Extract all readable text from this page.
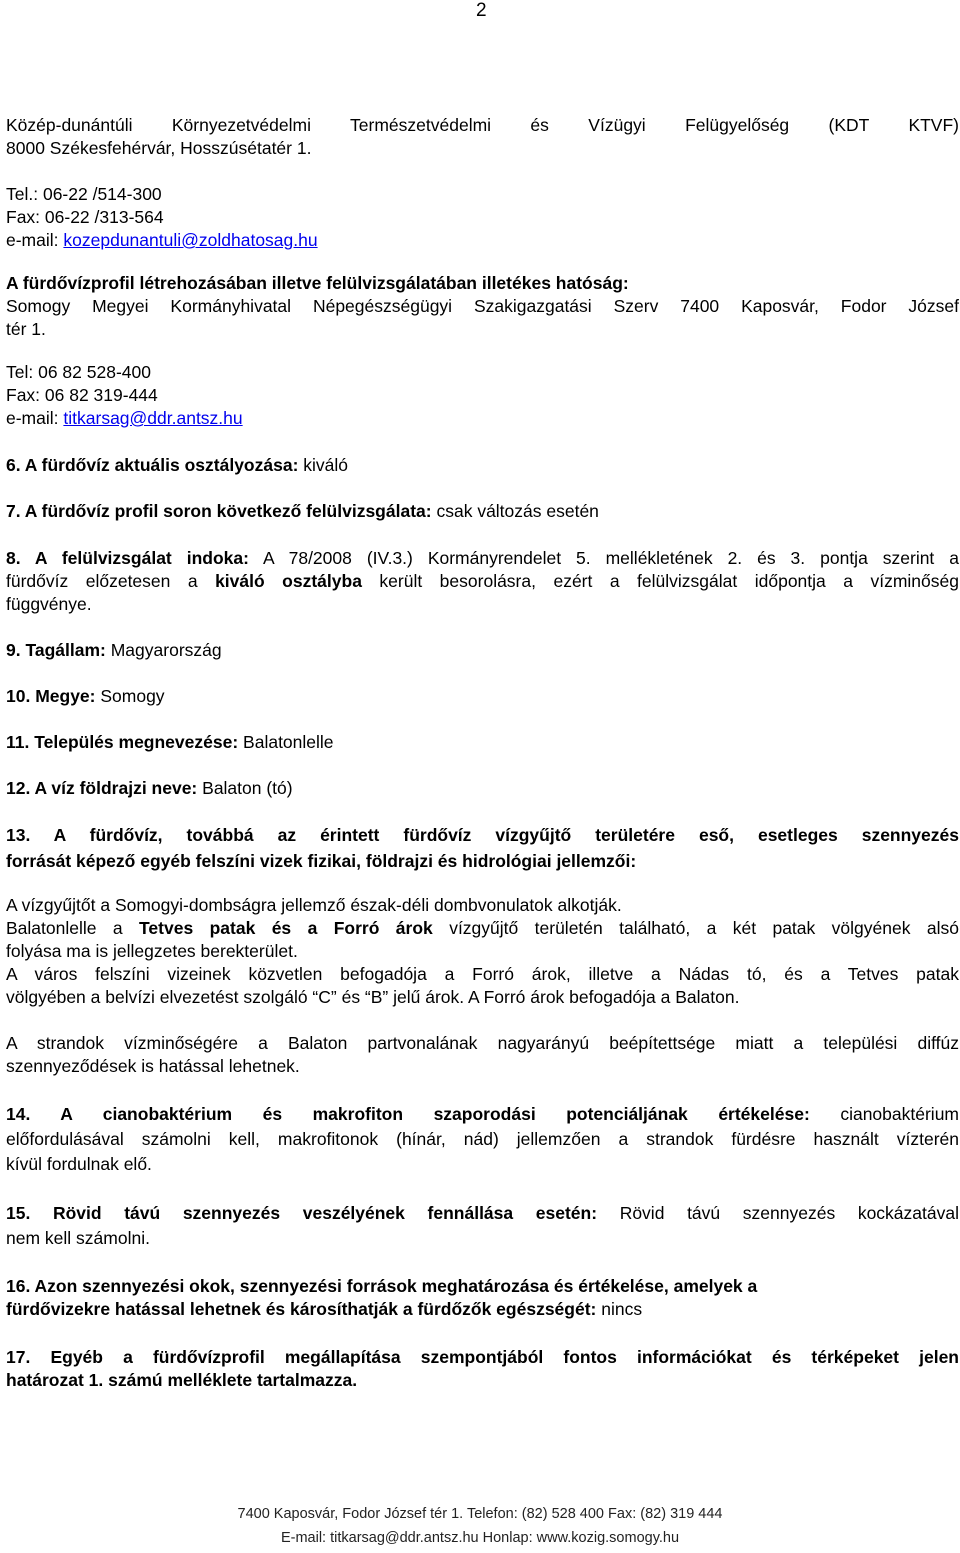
2

Közép-dunántúli Környezetvédelmi Természetvédelmi és Vízügyi Felügyelőség (KDT KTVF)

8000 Székesfehérvár, Hosszúsétatér 1.

Tel.: 06-22 /514-300

Fax: 06-22 /313-564

e-mail: kozepdunantuli@zoldhatosag.hu

A fürdővízprofil létrehozásában illetve felülvizsgálatában illetékes hatóság:

Somogy Megyei Kormányhivatal Népegészségügyi Szakigazgatási Szerv 7400 Kaposvár, Fodor József

tér 1.

Tel: 06 82 528-400

Fax: 06 82 319-444

e-mail: titkarsag@ddr.antsz.hu

6. A fürdővíz aktuális osztályozása: kiváló

7. A fürdővíz profil soron következő felülvizsgálata: csak változás esetén

8. A felülvizsgálat indoka: A 78/2008 (IV.3.) Kormányrendelet 5. mellékletének 2. és 3. pontja szerint a

fürdővíz előzetesen a kiváló osztályba került besorolásra, ezért a felülvizsgálat időpontja a vízminőség

függvénye.

9. Tagállam: Magyarország

10. Megye: Somogy

11. Település megnevezése: Balatonlelle

12. A víz földrajzi neve: Balaton (tó)

13. A fürdővíz, továbbá az érintett fürdővíz vízgyűjtő területére eső, esetleges szennyezés

forrását képező egyéb felszíni vizek fizikai, földrajzi és hidrológiai jellemzői:

A vízgyűjtőt a Somogyi-dombságra jellemző észak-déli dombvonulatok alkotják.

Balatonlelle a Tetves patak és a Forró árok vízgyűjtő területén található, a két patak völgyének alsó

folyása ma is jellegzetes berekterület.

A város felszíni vizeinek közvetlen befogadója a Forró árok, illetve a Nádas tó, és a Tetves patak

völgyében a belvízi elvezetést szolgáló “C” és “B” jelű árok. A Forró árok befogadója a Balaton.

A strandok vízminőségére a Balaton partvonalának nagyarányú beépítettsége miatt a települési diffúz

szennyeződések is hatással lehetnek.

14. A cianobaktérium és makrofiton szaporodási potenciáljának értékelése: cianobaktérium

előfordulásával számolni kell, makrofitonok (hínár, nád) jellemzően a strandok fürdésre használt vízterén

kívül fordulnak elő.

15. Rövid távú szennyezés veszélyének fennállása esetén: Rövid távú szennyezés kockázatával

nem kell számolni.

16. Azon szennyezési okok, szennyezési források meghatározása és értékelése, amelyek a

fürdővizekre hatással lehetnek és károsíthatják a fürdőzők egészségét: nincs

17. Egyéb a fürdővízprofil megállapítása szempontjából fontos információkat és térképeket jelen

határozat 1. számú melléklete tartalmazza.

7400 Kaposvár, Fodor József tér 1. Telefon: (82) 528 400 Fax: (82) 319 444
E-mail: titkarsag@ddr.antsz.hu Honlap: www.kozig.somogy.hu
